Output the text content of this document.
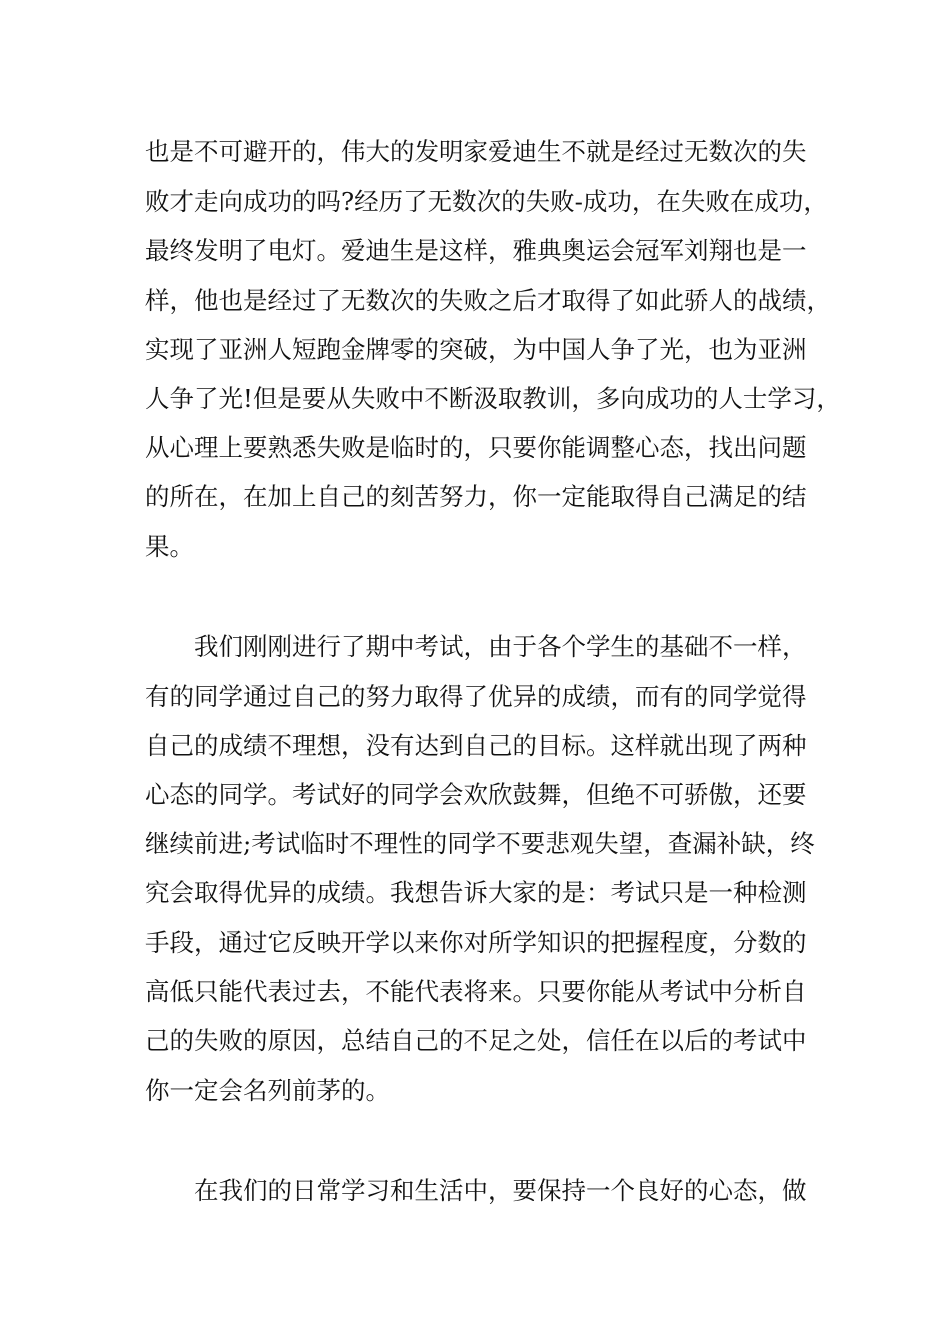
也是不可避开的，伟大的发明家爱迪生不就是经过无数次的失
败才走向成功的吗?经历了无数次的失败-成功，在失败在成功，
最终发明了电灯。爱迪生是这样，雅典奥运会冠军刘翔也是一
样，他也是经过了无数次的失败之后才取得了如此骄人的战绩，
实现了亚洲人短跑金牌零的突破，为中国人争了光，也为亚洲
人争了光!但是要从失败中不断汲取教训，多向成功的人士学习，
从心理上要熟悉失败是临时的，只要你能调整心态，找出问题
的所在，在加上自己的刻苦努力，你一定能取得自己满足的结
果。
我们刚刚进行了期中考试，由于各个学生的基础不一样，
有的同学通过自己的努力取得了优异的成绩，而有的同学觉得
自己的成绩不理想，没有达到自己的目标。这样就出现了两种
心态的同学。考试好的同学会欢欣鼓舞，但绝不可骄傲，还要
继续前进;考试临时不理性的同学不要悲观失望，查漏补缺，终
究会取得优异的成绩。我想告诉大家的是：考试只是一种检测
手段，通过它反映开学以来你对所学知识的把握程度，分数的
高低只能代表过去，不能代表将来。只要你能从考试中分析自
己的失败的原因，总结自己的不足之处，信任在以后的考试中
你一定会名列前茅的。
在我们的日常学习和生活中，要保持一个良好的心态，做
